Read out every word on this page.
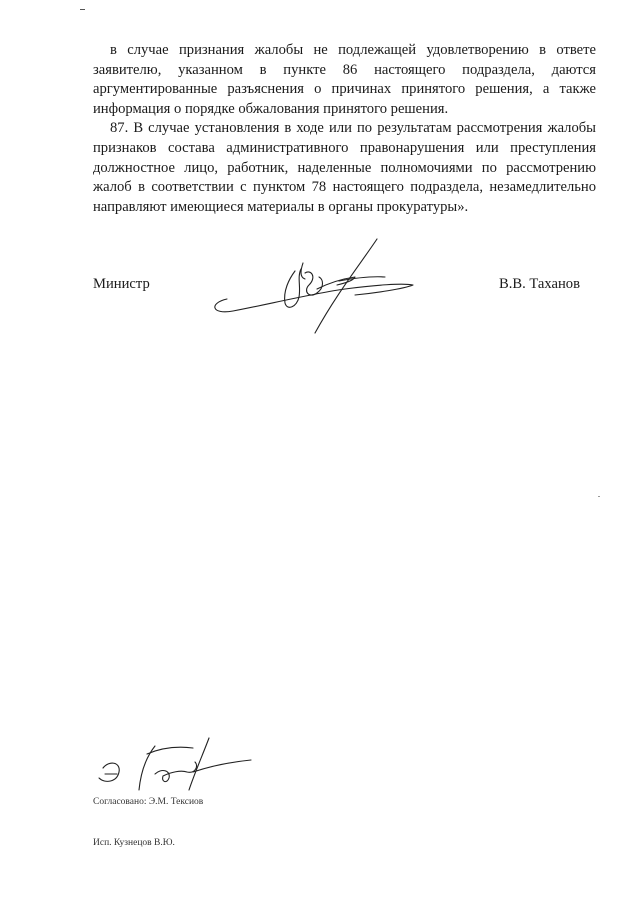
в случае признания жалобы не подлежащей удовлетворению в ответе заявителю, указанном в пункте 86 настоящего подраздела, даются аргументированные разъяснения о причинах принятого решения, а также информация о порядке обжалования принятого решения.

87. В случае установления в ходе или по результатам рассмотрения жалобы признаков состава административного правонарушения или преступления должностное лицо, работник, наделенные полномочиями по рассмотрению жалоб в соответствии с пунктом 78 настоящего подраздела, незамедлительно направляют имеющиеся материалы в органы прокуратуры».

Министр	В.В. Таханов
Согласовано: Э.М. Тексиов
Исп. Кузнецов В.Ю.
